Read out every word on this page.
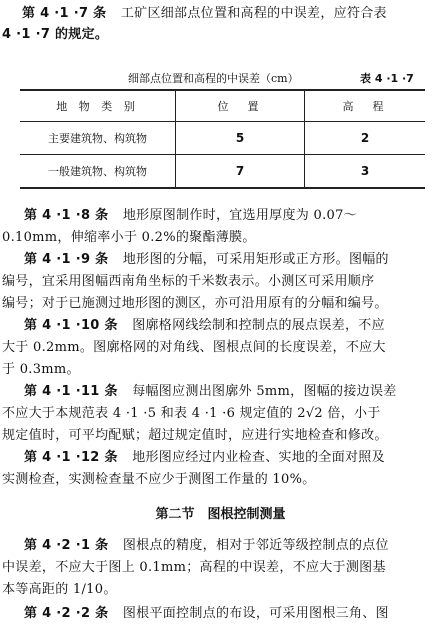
第 4 ·1 ·7 条 工矿区细部点位置和高程的中误差，应符合表
4 ·1 ·7 的规定。
细部点位置和高程的中误差（cm）	表 4 ·1 ·7
地 物 类 别	位　置	高　程
主要建筑物、构筑物	5	2
一般建筑物、构筑物	7	3
第 4 ·1 ·8 条 地形原图制作时，宜选用厚度为 0.07～
0.10mm，伸缩率小于 0.2%的聚酯薄膜。
第 4 ·1 ·9 条 地形图的分幅，可采用矩形或正方形。图幅的
编号，宜采用图幅西南角坐标的千米数表示。小测区可采用顺序
编号；对于已施测过地形图的测区，亦可沿用原有的分幅和编号。
第 4 ·1 ·10 条 图廓格网线绘制和控制点的展点误差，不应
大于 0.2mm。图廓格网的对角线、图根点间的长度误差，不应大
于 0.3mm。
第 4 ·1 ·11 条 每幅图应测出图廓外 5mm，图幅的接边误差
不应大于本规范表 4 ·1 ·5 和表 4 ·1 ·6 规定值的 2√2 倍，小于
规定值时，可平均配赋；超过规定值时，应进行实地检查和修改。
第 4 ·1 ·12 条 地形图应经过内业检查、实地的全面对照及
实测检查，实测检查量不应少于测图工作量的 10%。
第二节　图根控制测量
第 4 ·2 ·1 条 图根点的精度，相对于邻近等级控制点的点位
中误差，不应大于图上 0.1mm；高程的中误差，不应大于测图基
本等高距的 1/10。
第 4 ·2 ·2 条 图根平面控制点的布设，可采用图根三角、图
